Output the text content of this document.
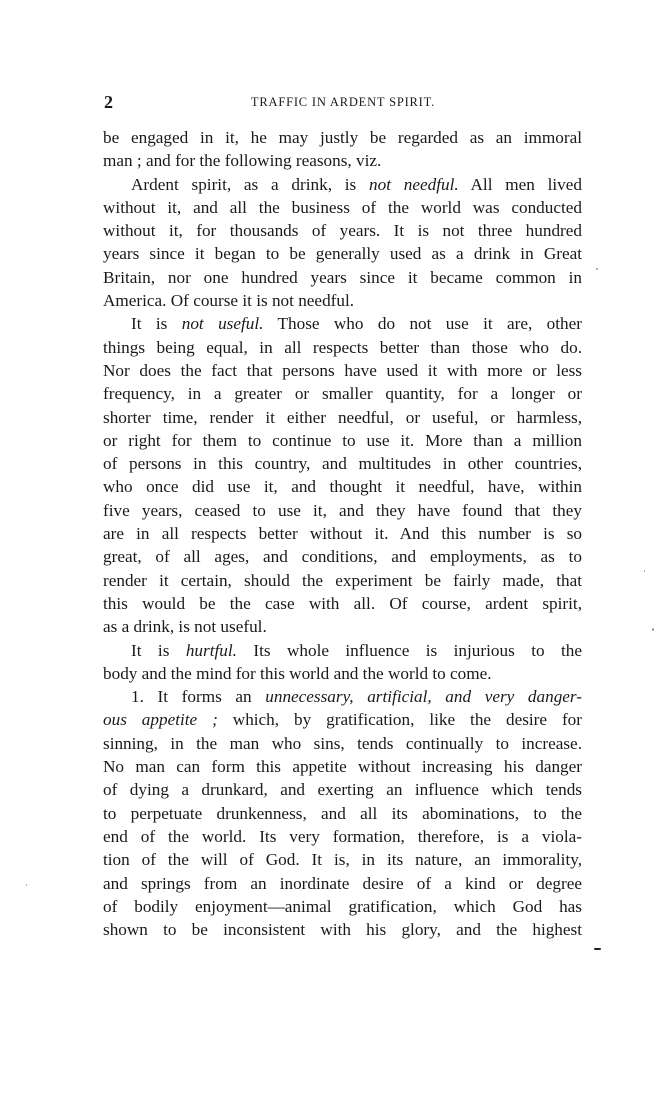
2	TRAFFIC IN ARDENT SPIRIT.
be engaged in it, he may justly be regarded as an immoral
man ; and for the following reasons, viz.
Ardent spirit, as a drink, is not needful. All men lived
without it, and all the business of the world was conducted
without it, for thousands of years. It is not three hundred
years since it began to be generally used as a drink in Great
Britain, nor one hundred years since it became common in
America. Of course it is not needful.
It is not useful. Those who do not use it are, other
things being equal, in all respects better than those who do.
Nor does the fact that persons have used it with more or less
frequency, in a greater or smaller quantity, for a longer or
shorter time, render it either needful, or useful, or harmless,
or right for them to continue to use it. More than a million
of persons in this country, and multitudes in other countries,
who once did use it, and thought it needful, have, within
five years, ceased to use it, and they have found that they
are in all respects better without it. And this number is so
great, of all ages, and conditions, and employments, as to
render it certain, should the experiment be fairly made, that
this would be the case with all. Of course, ardent spirit,
as a drink, is not useful.
It is hurtful. Its whole influence is injurious to the
body and the mind for this world and the world to come.
1. It forms an unnecessary, artificial, and very danger-
ous appetite ; which, by gratification, like the desire for
sinning, in the man who sins, tends continually to increase.
No man can form this appetite without increasing his danger
of dying a drunkard, and exerting an influence which tends
to perpetuate drunkenness, and all its abominations, to the
end of the world. Its very formation, therefore, is a viola-
tion of the will of God. It is, in its nature, an immorality,
and springs from an inordinate desire of a kind or degree
of bodily enjoyment—animal gratification, which God has
shown to be inconsistent with his glory, and the highest
